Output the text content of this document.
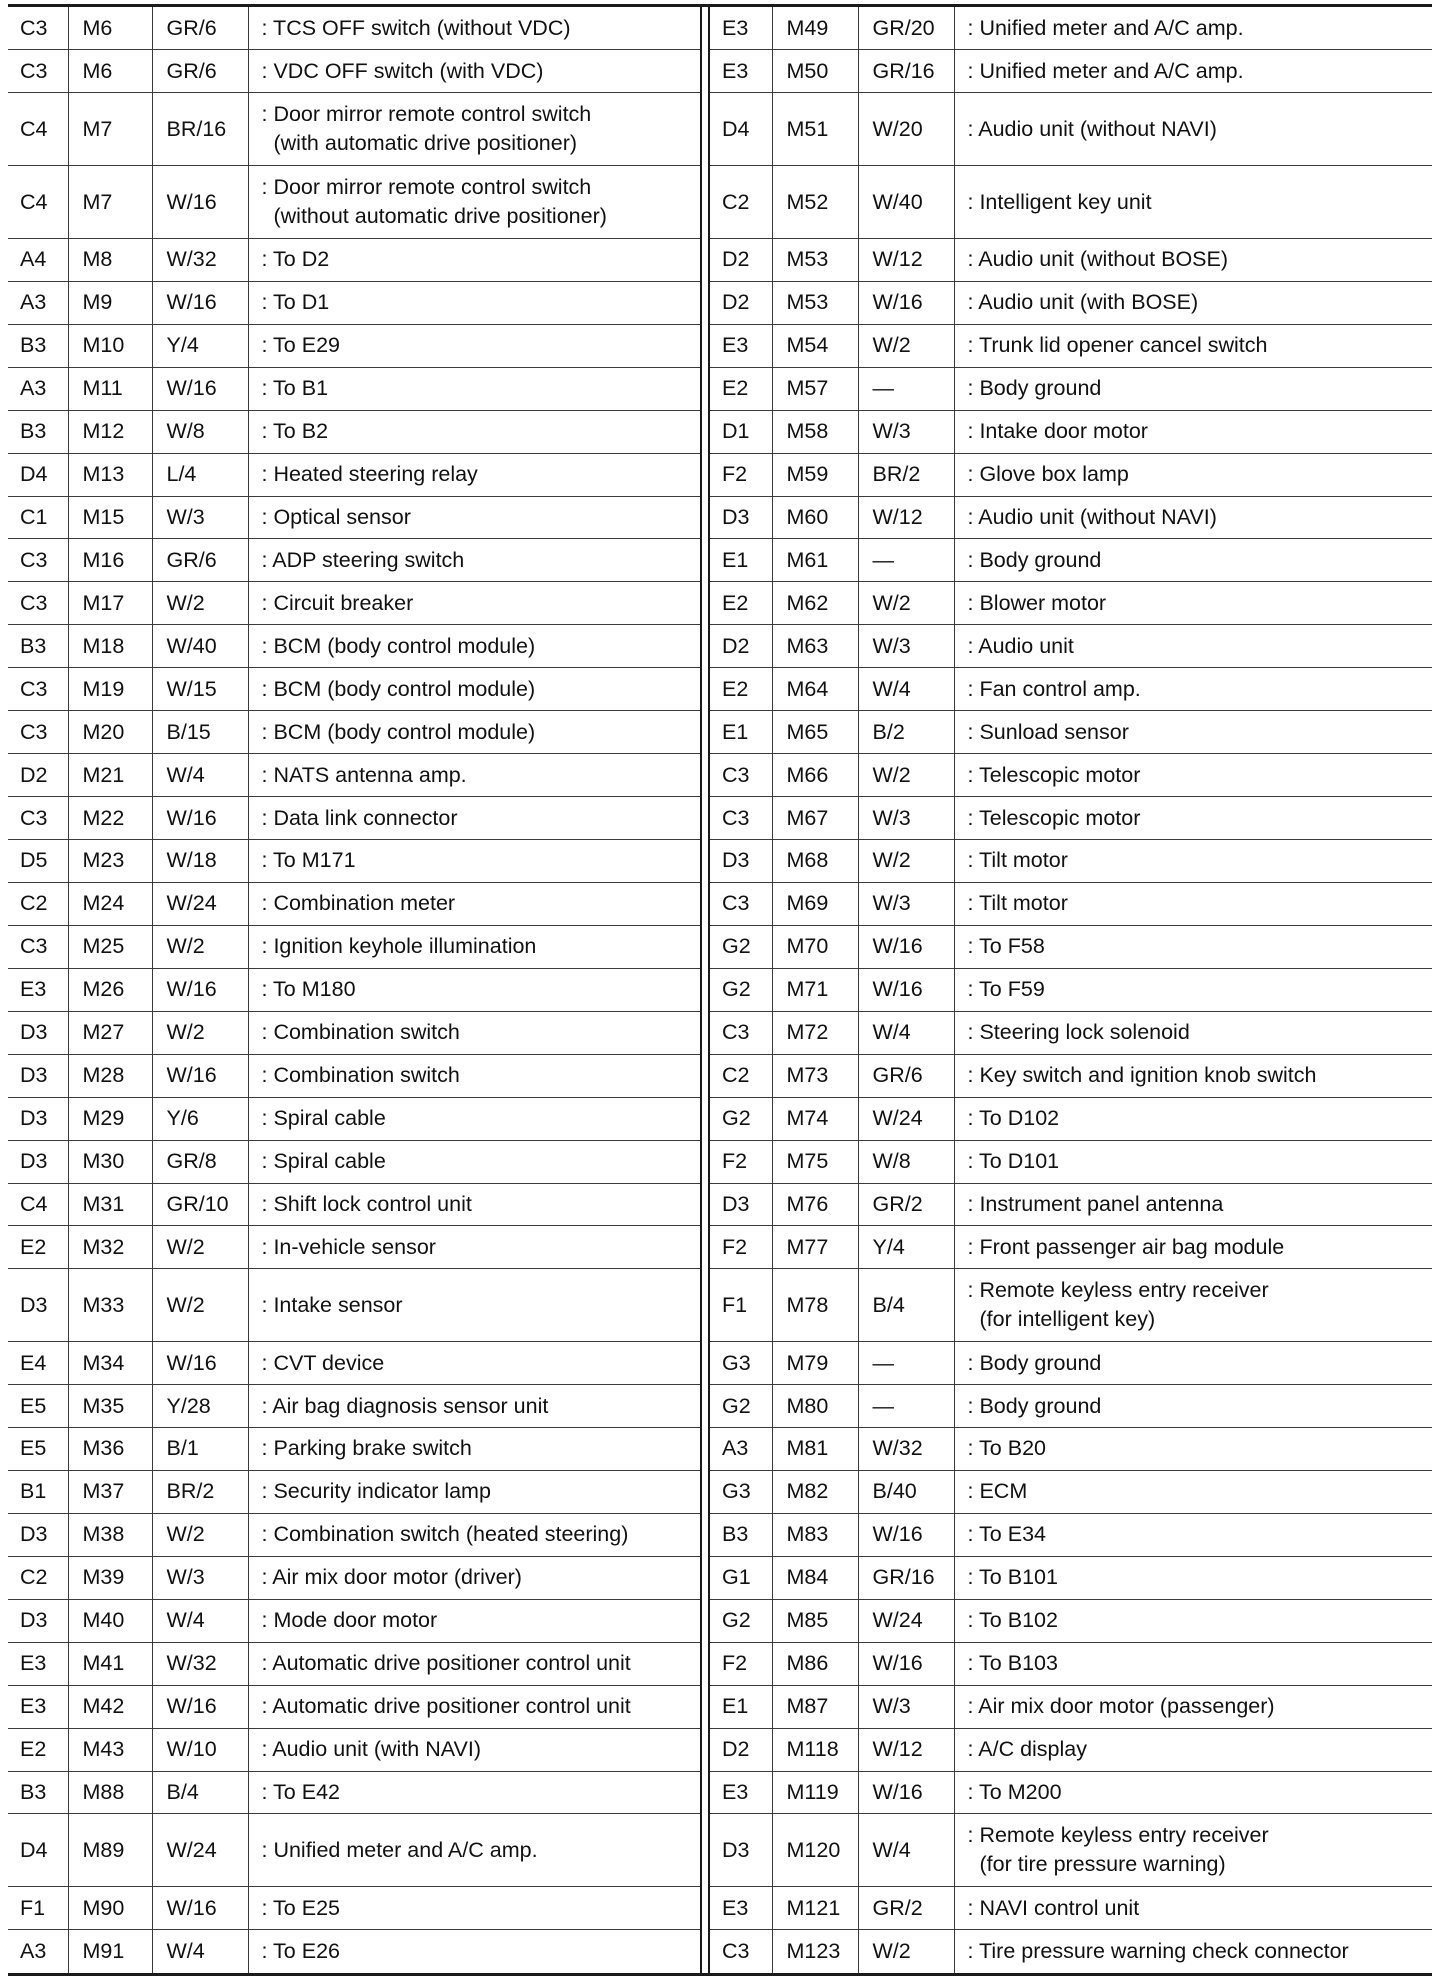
C3	M6	GR/6	: TCS OFF switch (without VDC)

C3	M6	GR/6	: VDC OFF switch (with VDC)

C4	M7	BR/16	: Door mirror remote control switch
(with automatic drive positioner)

C4	M7	W/16	: Door mirror remote control switch
(without automatic drive positioner)

A4	M8	W/32	: To D2

A3	M9	W/16	: To D1

B3	M10	Y/4	: To E29

A3	M11	W/16	: To B1

B3	M12	W/8	: To B2

D4	M13	L/4	: Heated steering relay

C1	M15	W/3	: Optical sensor

C3	M16	GR/6	: ADP steering switch

C3	M17	W/2	: Circuit breaker

B3	M18	W/40	: BCM (body control module)

C3	M19	W/15	: BCM (body control module)

C3	M20	B/15	: BCM (body control module)

D2	M21	W/4	: NATS antenna amp.

C3	M22	W/16	: Data link connector

D5	M23	W/18	: To M171

C2	M24	W/24	: Combination meter

C3	M25	W/2	: Ignition keyhole illumination

E3	M26	W/16	: To M180

D3	M27	W/2	: Combination switch

D3	M28	W/16	: Combination switch

D3	M29	Y/6	: Spiral cable

D3	M30	GR/8	: Spiral cable

C4	M31	GR/10	: Shift lock control unit

E2	M32	W/2	: In-vehicle sensor

D3	M33	W/2	: Intake sensor

E4	M34	W/16	: CVT device

E5	M35	Y/28	: Air bag diagnosis sensor unit

E5	M36	B/1	: Parking brake switch

B1	M37	BR/2	: Security indicator lamp

D3	M38	W/2	: Combination switch (heated steering)

C2	M39	W/3	: Air mix door motor (driver)

D3	M40	W/4	: Mode door motor

E3	M41	W/32	: Automatic drive positioner control unit

E3	M42	W/16	: Automatic drive positioner control unit

E2	M43	W/10	: Audio unit (with NAVI)

B3	M88	B/4	: To E42

D4	M89	W/24	: Unified meter and A/C amp.

F1	M90	W/16	: To E25

A3	M91	W/4	: To E26
E3	M49	GR/20	: Unified meter and A/C amp.

E3	M50	GR/16	: Unified meter and A/C amp.

D4	M51	W/20	: Audio unit (without NAVI)

C2	M52	W/40	: Intelligent key unit

D2	M53	W/12	: Audio unit (without BOSE)

D2	M53	W/16	: Audio unit (with BOSE)

E3	M54	W/2	: Trunk lid opener cancel switch

E2	M57	—	: Body ground

D1	M58	W/3	: Intake door motor

F2	M59	BR/2	: Glove box lamp

D3	M60	W/12	: Audio unit (without NAVI)

E1	M61	—	: Body ground

E2	M62	W/2	: Blower motor

D2	M63	W/3	: Audio unit

E2	M64	W/4	: Fan control amp.

E1	M65	B/2	: Sunload sensor

C3	M66	W/2	: Telescopic motor

C3	M67	W/3	: Telescopic motor

D3	M68	W/2	: Tilt motor

C3	M69	W/3	: Tilt motor

G2	M70	W/16	: To F58

G2	M71	W/16	: To F59

C3	M72	W/4	: Steering lock solenoid

C2	M73	GR/6	: Key switch and ignition knob switch

G2	M74	W/24	: To D102

F2	M75	W/8	: To D101

D3	M76	GR/2	: Instrument panel antenna

F2	M77	Y/4	: Front passenger air bag module

F1	M78	B/4	: Remote keyless entry receiver
(for intelligent key)

G3	M79	—	: Body ground

G2	M80	—	: Body ground

A3	M81	W/32	: To B20

G3	M82	B/40	: ECM

B3	M83	W/16	: To E34

G1	M84	GR/16	: To B101

G2	M85	W/24	: To B102

F2	M86	W/16	: To B103

E1	M87	W/3	: Air mix door motor (passenger)

D2	M118	W/12	: A/C display

E3	M119	W/16	: To M200

D3	M120	W/4	: Remote keyless entry receiver
(for tire pressure warning)

E3	M121	GR/2	: NAVI control unit

C3	M123	W/2	: Tire pressure warning check connector
